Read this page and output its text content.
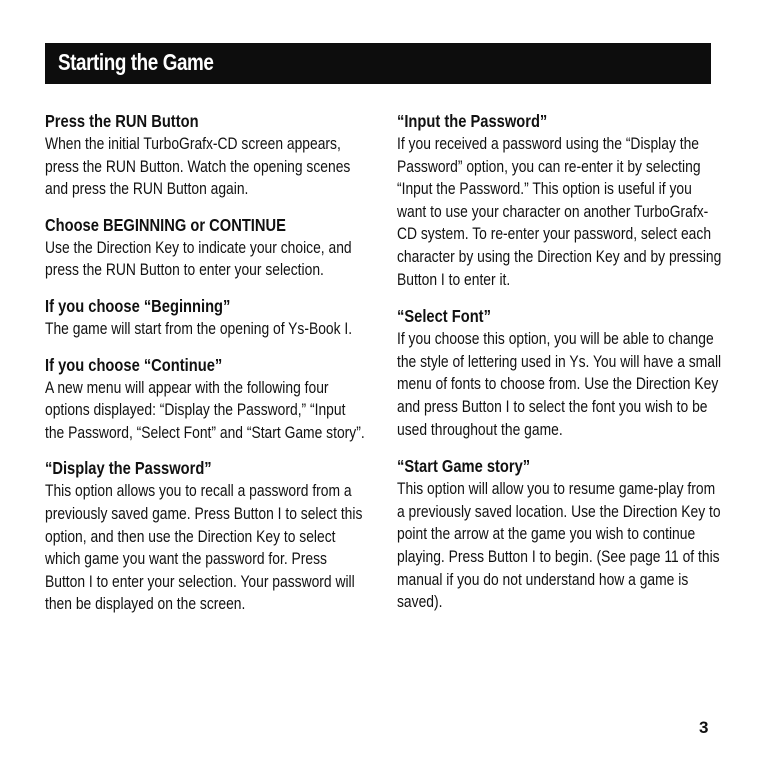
Starting the Game
Press the RUN Button

When the initial TurboGrafx-CD screen appears, press the RUN Button. Watch the opening scenes and press the RUN Button again.

Choose BEGINNING or CONTINUE

Use the Direction Key to indicate your choice, and press the RUN Button to enter your selection.

If you choose “Beginning”

The game will start from the opening of Ys-Book I.

If you choose “Continue”

A new menu will appear with the following four options displayed: “Display the Password,” “Input the Password, “Select Font” and “Start Game story”.

“Display the Password”

This option allows you to recall a password from a previously saved game. Press Button I to select this option, and then use the Direction Key to select which game you want the password for. Press Button I to enter your selection. Your password will then be displayed on the screen.

“Input the Password”

If you received a password using the “Display the Password” option, you can re-enter it by selecting “Input the Password.” This option is useful if you want to use your character on another TurboGrafx-CD system. To re-enter your password, select each character by using the Direction Key and by pressing Button I to enter it.

“Select Font”

If you choose this option, you will be able to change the style of lettering used in Ys. You will have a small menu of fonts to choose from. Use the Direction Key and press Button I to select the font you wish to be used throughout the game.

“Start Game story”

This option will allow you to resume game-play from a previously saved location. Use the Direction Key to point the arrow at the game you wish to continue playing. Press Button I to begin. (See page 11 of this manual if you do not understand how a game is saved).

3
